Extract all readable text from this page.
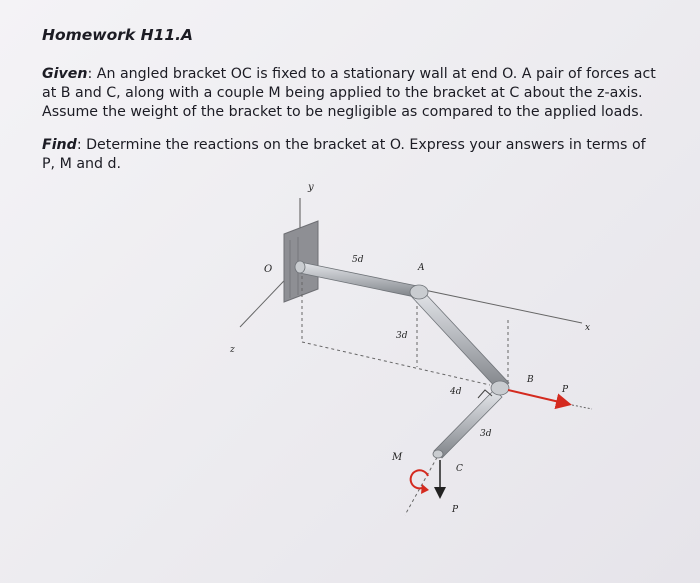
Homework H11.A
Given: An angled bracket OC is fixed to a stationary wall at end O. A pair of forces act
at B and C, along with a couple M being applied to the bracket at C about the z-axis.
Assume the weight of the bracket to be negligible as compared to the applied loads.
Find: Determine the reactions on the bracket at O. Express your answers in terms of
P, M and d.
y
O
z
x
A
B
C
M
P
P
5d
3d
4d
3d
